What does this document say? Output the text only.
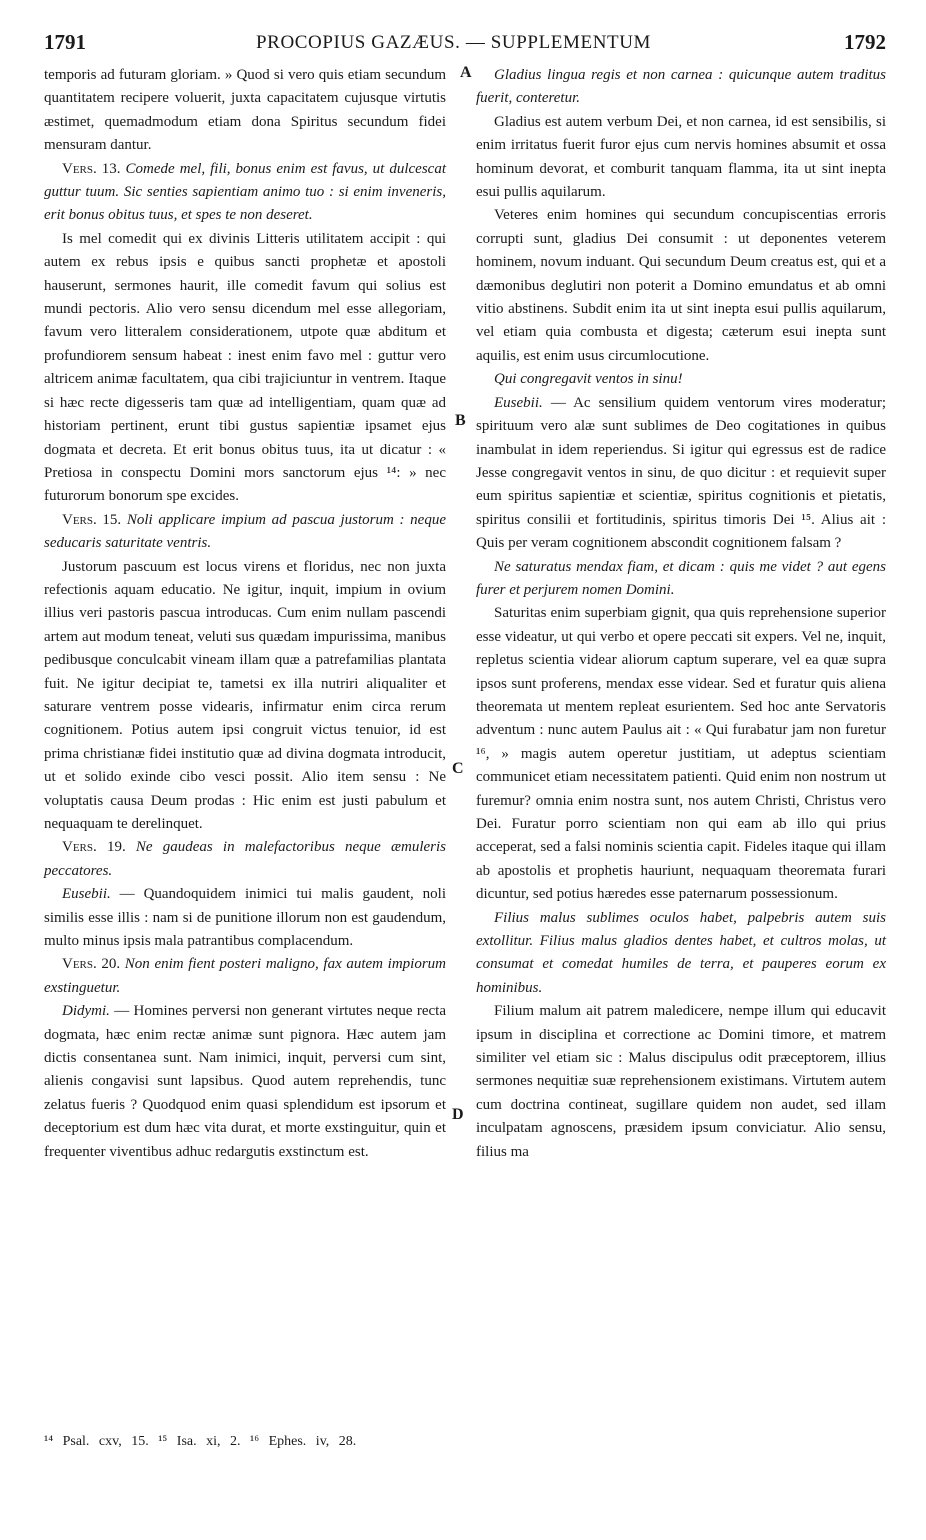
1791	PROCOPIUS GAZÆUS. — SUPPLEMENTUM	1792
A
B
C
D

temporis ad futuram gloriam. » Quod si vero quis etiam secundum quantitatem recipere voluerit, juxta capacitatem cujusque virtutis æstimet, quemadmodum etiam dona Spiritus secundum fidei mensuram dantur.

Vers. 13. Comede mel, fili, bonus enim est favus, ut dulcescat guttur tuum. Sic senties sapientiam animo tuo : si enim inveneris, erit bonus obitus tuus, et spes te non deseret.

Is mel comedit qui ex divinis Litteris utilitatem accipit : qui autem ex rebus ipsis e quibus sancti prophetæ et apostoli hauserunt, sermones haurit, ille comedit favum qui solius est mundi pectoris. Alio vero sensu dicendum mel esse allegoriam, favum vero litteralem considerationem, utpote quæ abditum et profundiorem sensum habeat : inest enim favo mel : guttur vero altricem animæ facultatem, qua cibi trajiciuntur in ventrem. Itaque si hæc recte digesseris tam quæ ad intelligentiam, quam quæ ad historiam pertinent, erunt tibi gustus sapientiæ ipsamet ejus dogmata et decreta. Et erit bonus obitus tuus, ita ut dicatur : « Pretiosa in conspectu Domini mors sanctorum ejus ¹⁴: » nec futurorum bonorum spe excides.

Vers. 15. Noli applicare impium ad pascua justorum : neque seducaris saturitate ventris.

Justorum pascuum est locus virens et floridus, nec non juxta refectionis aquam educatio. Ne igitur, inquit, impium in ovium illius veri pastoris pascua introducas. Cum enim nullam pascendi artem aut modum teneat, veluti sus quædam impurissima, manibus pedibusque conculcabit vineam illam quæ a patrefamilias plantata fuit. Ne igitur decipiat te, tametsi ex illa nutriri aliqualiter et saturare ventrem posse videaris, infirmatur enim circa rerum cognitionem. Potius autem ipsi congruit victus tenuior, id est prima christianæ fidei institutio quæ ad divina dogmata introducit, ut et solido exinde cibo vesci possit. Alio item sensu : Ne voluptatis causa Deum prodas : Hic enim est justi pabulum et nequaquam te derelinquet.

Vers. 19. Ne gaudeas in malefactoribus neque æmuleris peccatores.

Eusebii. — Quandoquidem inimici tui malis gaudent, noli similis esse illis : nam si de punitione illorum non est gaudendum, multo minus ipsis mala patrantibus complacendum.

Vers. 20. Non enim fient posteri maligno, fax autem impiorum exstinguetur.

Didymi. — Homines perversi non generant virtutes neque recta dogmata, hæc enim rectæ animæ sunt pignora. Hæc autem jam dictis consentanea sunt. Nam inimici, inquit, perversi cum sint, alienis congavisi sunt lapsibus. Quod autem reprehendis, tunc zelatus fueris ? Quodquod enim quasi splendidum est ipsorum et deceptorium est dum hæc vita durat, et morte exstinguitur, quin et frequenter viventibus adhuc redargutis exstinctum est.

Gladius lingua regis et non carnea : quicunque autem traditus fuerit, conteretur.

Gladius est autem verbum Dei, et non carnea, id est sensibilis, si enim irritatus fuerit furor ejus cum nervis homines absumit et ossa hominum devorat, et comburit tanquam flamma, ita ut sint inepta esui pullis aquilarum.

Veteres enim homines qui secundum concupiscentias erroris corrupti sunt, gladius Dei consumit : ut deponentes veterem hominem, novum induant. Qui secundum Deum creatus est, qui et a dæmonibus deglutiri non poterit a Domino emundatus et ab omni vitio abstinens. Subdit enim ita ut sint inepta esui pullis aquilarum, vel etiam quia combusta et digesta; cæterum esui inepta sunt aquilis, est enim usus circumlocutione.

Qui congregavit ventos in sinu!

Eusebii. — Ac sensilium quidem ventorum vires moderatur; spirituum vero alæ sunt sublimes de Deo cogitationes in quibus inambulat in idem reperiendus. Si igitur qui egressus est de radice Jesse congregavit ventos in sinu, de quo dicitur : et requievit super eum spiritus sapientiæ et scientiæ, spiritus cognitionis et pietatis, spiritus consilii et fortitudinis, spiritus timoris Dei ¹⁵. Alius ait : Quis per veram cognitionem abscondit cognitionem falsam ?

Ne saturatus mendax fiam, et dicam : quis me videt ? aut egens furer et perjurem nomen Domini.

Saturitas enim superbiam gignit, qua quis reprehensione superior esse videatur, ut qui verbo et opere peccati sit expers. Vel ne, inquit, repletus scientia videar aliorum captum superare, vel ea quæ supra ipsos sunt proferens, mendax esse videar. Sed et furatur quis aliena theoremata ut mentem repleat esurientem. Sed hoc ante Servatoris adventum : nunc autem Paulus ait : « Qui furabatur jam non furetur ¹⁶, » magis autem operetur justitiam, ut adeptus scientiam communicet etiam necessitatem patienti. Quid enim non nostrum ut furemur? omnia enim nostra sunt, nos autem Christi, Christus vero Dei. Furatur porro scientiam non qui eam ab illo qui prius acceperat, sed a falsi nominis scientia capit. Fideles itaque qui illam ab apostolis et prophetis hauriunt, nequaquam theoremata furari dicuntur, sed potius hæredes esse paternarum possessionum.

Filius malus sublimes oculos habet, palpebris autem suis extollitur. Filius malus gladios dentes habet, et cultros molas, ut consumat et comedat humiles de terra, et pauperes eorum ex hominibus.

Filium malum ait patrem maledicere, nempe illum qui educavit ipsum in disciplina et correctione ac Domini timore, et matrem similiter vel etiam sic : Malus discipulus odit præceptorem, illius sermones nequitiæ suæ reprehensionem existimans. Virtutem autem cum doctrina contineat, sugillare quidem non audet, sed illam inculpatam agnoscens, præsidem ipsum conviciatur. Alio sensu, filius ma

¹⁴ Psal. cxv, 15. ¹⁵ Isa. xi, 2. ¹⁶ Ephes. iv, 28.
